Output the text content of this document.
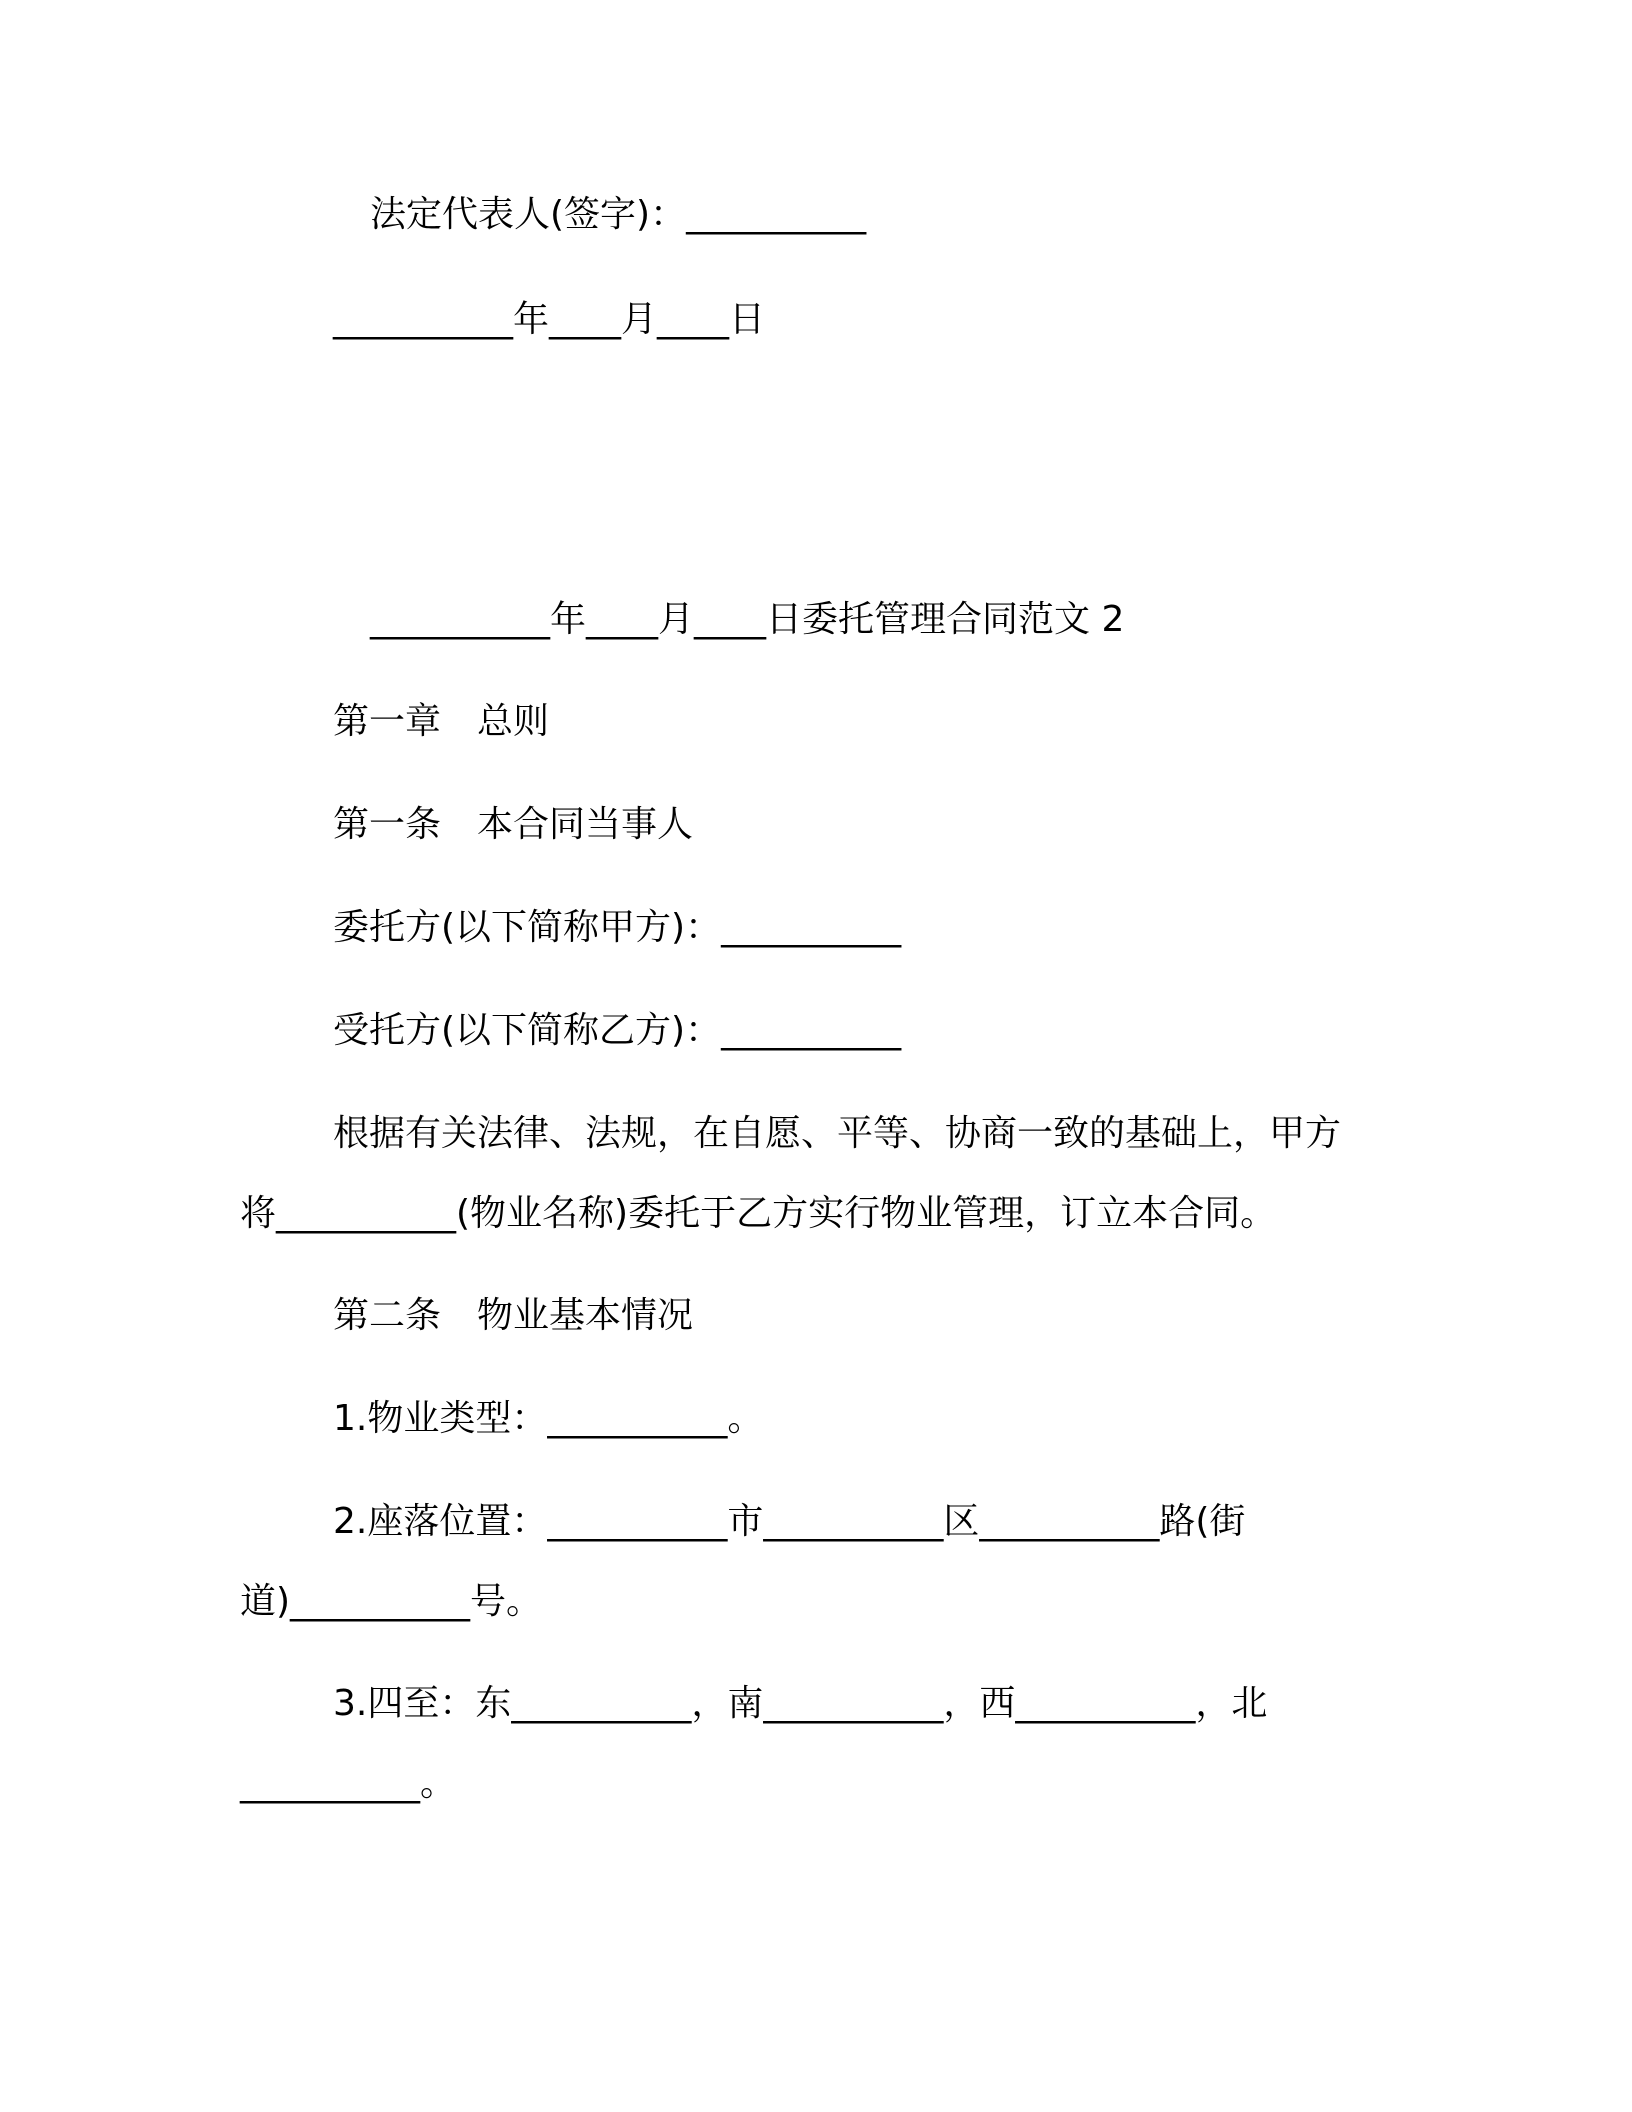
法定代表人(签字)：__________
__________年____月____日
__________年____月____日委托管理合同范文 2
第一章　总则
第一条　本合同当事人
委托方(以下简称甲方)：__________
受托方(以下简称乙方)：__________
根据有关法律、法规，在自愿、平等、协商一致的基础上，甲方
将__________(物业名称)委托于乙方实行物业管理，订立本合同。
第二条　物业基本情况
1.物业类型：__________。
2.座落位置：__________市__________区__________路(街
道)__________号。
3.四至：东__________，南__________，西__________，北
__________。
